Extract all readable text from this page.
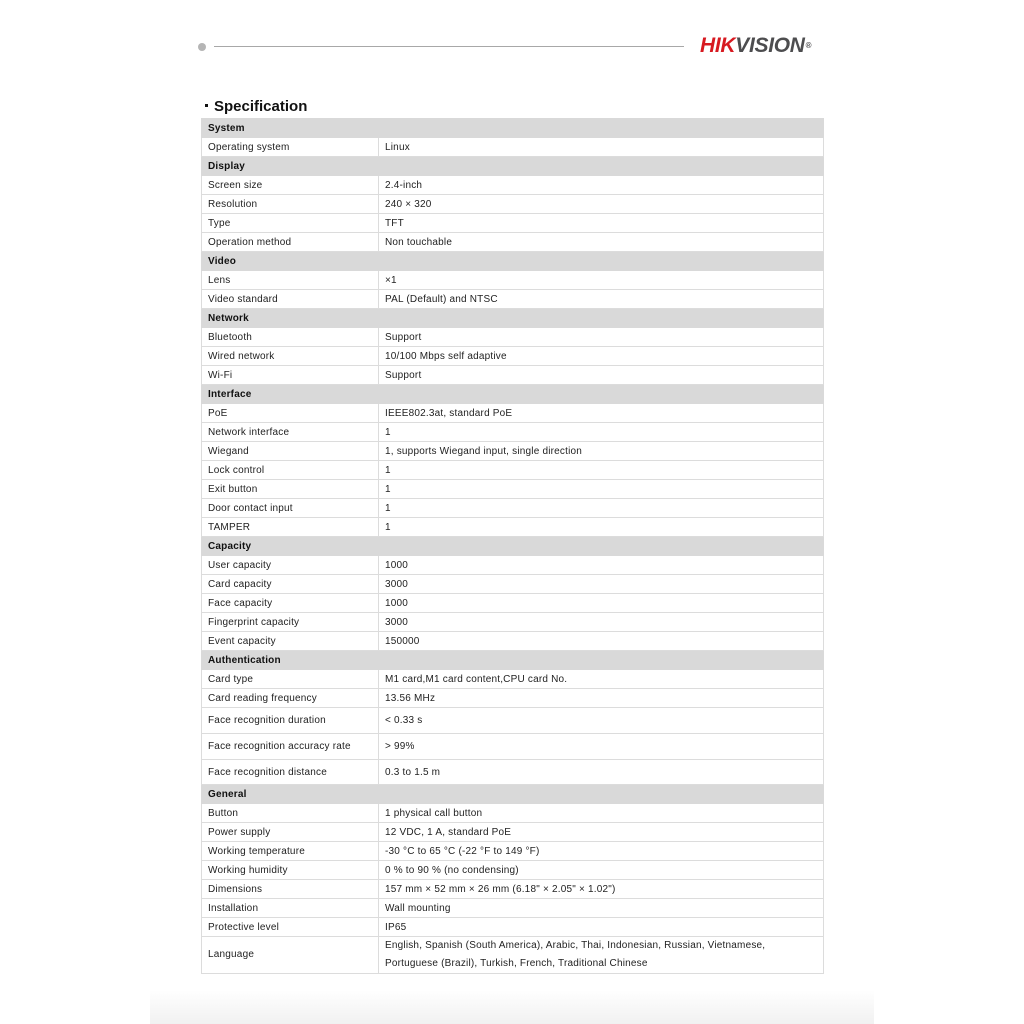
HIKVISION®
Specification
System	
Operating system	Linux
Display	
Screen size	2.4-inch
Resolution	240 × 320
Type	TFT
Operation method	Non touchable
Video	
Lens	×1
Video standard	PAL (Default) and NTSC
Network	
Bluetooth	Support
Wired network	10/100 Mbps self adaptive
Wi-Fi	Support
Interface	
PoE	IEEE802.3at, standard PoE
Network interface	1
Wiegand	1, supports Wiegand input, single direction
Lock control	1
Exit button	1
Door contact input	1
TAMPER	1
Capacity	
User capacity	1000
Card capacity	3000
Face capacity	1000
Fingerprint capacity	3000
Event capacity	150000
Authentication	
Card type	M1 card,M1 card content,CPU card No.
Card reading frequency	13.56 MHz
Face recognition duration	< 0.33 s
Face recognition accuracy rate	> 99%
Face recognition distance	0.3 to 1.5 m
General	
Button	1 physical call button
Power supply	12 VDC, 1 A, standard PoE
Working temperature	-30 °C to 65 °C (-22 °F to 149 °F)
Working humidity	0 % to 90 % (no condensing)
Dimensions	157 mm × 52 mm × 26 mm (6.18" × 2.05" × 1.02")
Installation	Wall mounting
Protective level	IP65
Language	English, Spanish (South America), Arabic, Thai, Indonesian, Russian, Vietnamese, Portuguese (Brazil), Turkish, French, Traditional Chinese
